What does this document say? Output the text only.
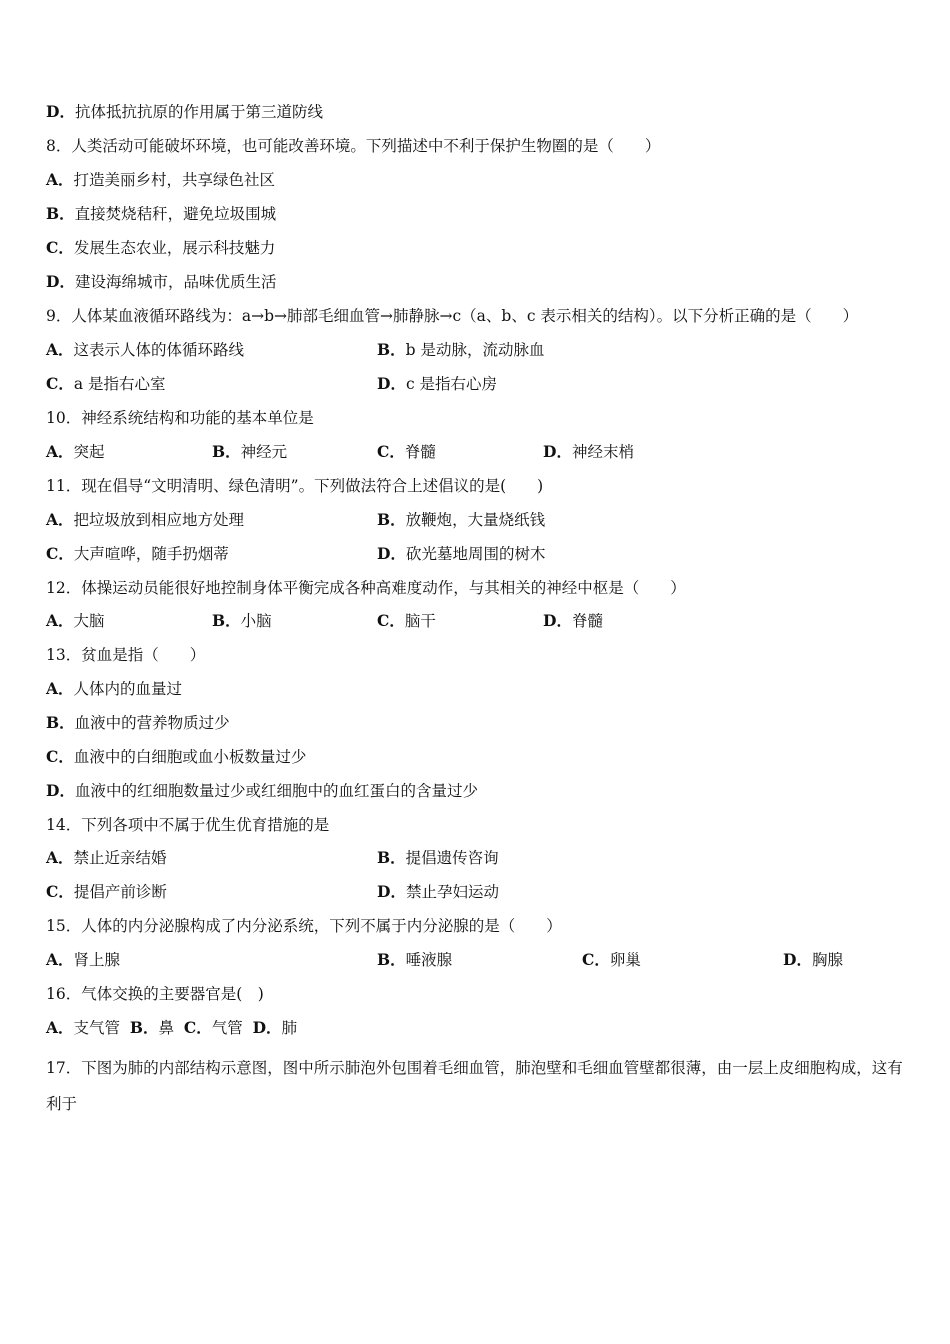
D．抗体抵抗抗原的作用属于第三道防线
8．人类活动可能破坏环境，也可能改善环境。下列描述中不利于保护生物圈的是（　　）
A．打造美丽乡村，共享绿色社区
B．直接焚烧秸秆，避免垃圾围城
C．发展生态农业，展示科技魅力
D．建设海绵城市，品味优质生活
9．人体某血液循环路线为：a→b→肺部毛细血管→肺静脉→c（a、b、c 表示相关的结构）。以下分析正确的是（　　）
A．这表示人体的体循环路线	B．b 是动脉，流动脉血
C．a 是指右心室	D．c 是指右心房
10．神经系统结构和功能的基本单位是
A．突起	B．神经元	C．脊髓	D．神经末梢
11．现在倡导“文明清明、绿色清明”。下列做法符合上述倡议的是(　　)
A．把垃圾放到相应地方处理	B．放鞭炮，大量烧纸钱
C．大声喧哗，随手扔烟蒂	D．砍光墓地周围的树木
12．体操运动员能很好地控制身体平衡完成各种高难度动作，与其相关的神经中枢是（　　）
A．大脑	B．小脑	C．脑干	D．脊髓
13．贫血是指（　　）
A．人体内的血量过
B．血液中的营养物质过少
C．血液中的白细胞或血小板数量过少
D．血液中的红细胞数量过少或红细胞中的血红蛋白的含量过少
14．下列各项中不属于优生优育措施的是
A．禁止近亲结婚	B．提倡遗传咨询
C．提倡产前诊断	D．禁止孕妇运动
15．人体的内分泌腺构成了内分泌系统，下列不属于内分泌腺的是（　　）
A．肾上腺	B．唾液腺	C．卵巢	D．胸腺
16．气体交换的主要器官是(　)
A．支气管 B．鼻 C．气管 D．肺
17．下图为肺的内部结构示意图，图中所示肺泡外包围着毛细血管，肺泡壁和毛细血管壁都很薄，由一层上皮细胞构成，这有利于
